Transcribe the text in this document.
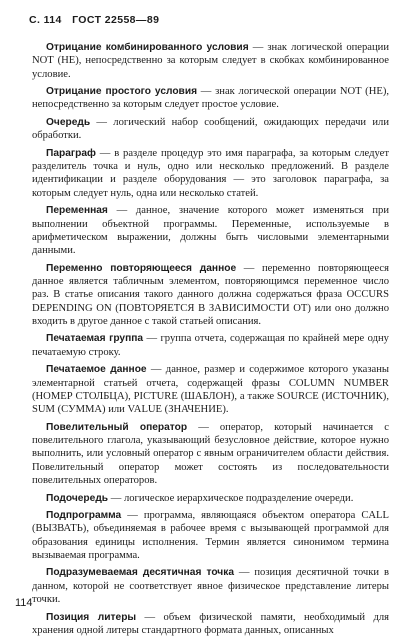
С. 114 ГОСТ 22558—89

Отрицание комбинированного условия — знак логической операции NOT (НЕ), непосредственно за которым следует в скобках комбинированное условие.

Отрицание простого условия — знак логической операции NOT (НЕ), непосредственно за которым следует простое условие.

Очередь — логический набор сообщений, ожидающих передачи или обработки.

Параграф — в разделе процедур это имя параграфа, за которым следует разделитель точка и нуль, одно или несколько предложений. В разделе идентификации и разделе оборудования — это заголовок параграфа, за которым следует нуль, одна или несколько статей.

Переменная — данное, значение которого может изменяться при выполнении объектной программы. Переменные, используемые в арифметическом выражении, должны быть числовыми элементарными данными.

Переменно повторяющееся данное — переменно повторяющееся данное является табличным элементом, повторяющимся переменное число раз. В статье описания такого данного должна содержаться фраза OCCURS DEPENDING ON (ПОВТОРЯЕТСЯ В ЗАВИСИМОСТИ ОТ) или оно должно входить в другое данное с такой статьей описания.

Печатаемая группа — группа отчета, содержащая по крайней мере одну печатаемую строку.

Печатаемое данное — данное, размер и содержимое которого указаны элементарной статьей отчета, содержащей фразы COLUMN NUMBER (НОМЕР СТОЛБЦА), PICTURE (ШАБЛОН), а также SOURCE (ИСТОЧНИК), SUM (СУММА) или VALUE (ЗНАЧЕНИЕ).

Повелительный оператор — оператор, который начинается с повелительного глагола, указывающий безусловное действие, которое нужно выполнить, или условный оператор с явным ограничителем области действия. Повелительный оператор может состоять из последовательности повелительных операторов.

Подочередь — логическое иерархическое подразделение очереди.

Подпрограмма — программа, являющаяся объектом оператора CALL (ВЫЗВАТЬ), объединяемая в рабочее время с вызывающей программой для образования единицы исполнения. Термин является синонимом термина вызываемая программа.

Подразумеваемая десятичная точка — позиция десятичной точки в данном, которой не соответствует явное физическое представление литеры точки.

Позиция литеры — объем физической памяти, необходимый для хранения одной литеры стандартного формата данных, описанных

114
